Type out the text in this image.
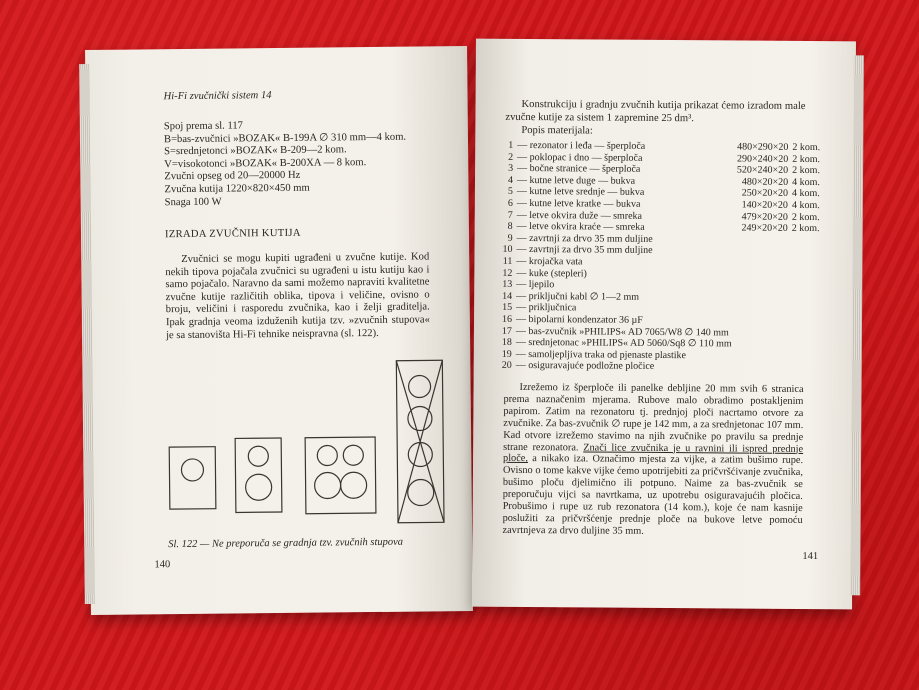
Hi-Fi zvučnički sistem 14
Spoj prema sl. 117
B=bas-zvučnici »BOZAK« B-199A ∅ 310 mm—4 kom.
S=srednjetonci »BOZAK« B-209—2 kom.
V=visokotonci »BOZAK« B-200XA — 8 kom.
Zvučni opseg od 20—20000 Hz
Zvučna kutija 1220×820×450 mm
Snaga 100 W
IZRADA ZVUČNIH KUTIJA
Zvučnici se mogu kupiti ugrađeni u zvučne kutije. Kod nekih tipova pojačala zvučnici su ugrađeni u istu kutiju kao i samo pojačalo. Naravno da sami možemo napraviti kvalitetne zvučne kutije različitih oblika, tipova i veličine, ovisno o broju, veličini i rasporedu zvučnika, kao i želji graditelja. Ipak gradnja veoma izduženih kutija tzv. »zvučnih stupova« je sa stanovišta Hi-Fi tehnike neispravna (sl. 122).
Sl. 122 — Ne preporuča se gradnja tzv. zvučnih stupova
140
Konstrukciju i gradnju zvučnih kutija prikazat ćemo izradom male zvučne kutije za sistem 1 zapremine 25 dm³.
Popis materijala:
1	— rezonator i leđa — šperploča	480×290×20	2 kom.
2	— poklopac i dno — šperploča	290×240×20	2 kom.
3	— bočne stranice — šperploča	520×240×20	2 kom.
4	— kutne letve duge — bukva	480×20×20	4 kom.
5	— kutne letve srednje — bukva	250×20×20	4 kom.
6	— kutne letve kratke — bukva	140×20×20	4 kom.
7	— letve okvira duže — smreka	479×20×20	2 kom.
8	— letve okvira kraće — smreka	249×20×20	2 kom.
9	— zavrtnji za drvo 35 mm duljine		
10	— zavrtnji za drvo 35 mm duljine		
11	— krojačka vata		
12	— kuke (stepleri)		
13	— ljepilo		
14	— priključni kabl ∅ 1—2 mm		
15	— priključnica		
16	— bipolarni kondenzator 36 µF		
17	— bas-zvučnik »PHILIPS« AD 7065/W8 ∅ 140 mm		
18	— srednjetonac »PHILIPS« AD 5060/Sq8 ∅ 110 mm		
19	— samoljepljiva traka od pjenaste plastike		
20	— osiguravajuće podložne pločice		
Izrežemo iz šperploče ili panelke debljine 20 mm svih 6 stranica prema naznačenim mjerama. Rubove malo obradimo postakljenim papirom. Zatim na rezonatoru tj. prednjoj ploči nacrtamo otvore za zvučnike. Za bas-zvučnik ∅ rupe je 142 mm, a za srednjetonac 107 mm. Kad otvore izrežemo stavimo na njih zvučnike po pravilu sa prednje strane rezonatora. Znači lice zvučnika je u ravnini ili ispred prednje ploče, a nikako iza. Označimo mjesta za vijke, a zatim bušimo rupe. Ovisno o tome kakve vijke ćemo upotrijebiti za pričvršćivanje zvučnika, bušimo ploču djelimično ili potpuno. Naime za bas-zvučnik se preporučuju vijci sa navrtkama, uz upotrebu osiguravajućih pločica. Probušimo i rupe uz rub rezonatora (14 kom.), koje će nam kasnije poslužiti za pričvršćenje prednje ploče na bukove letve pomoću zavrtnjeva za drvo duljine 35 mm.
141
